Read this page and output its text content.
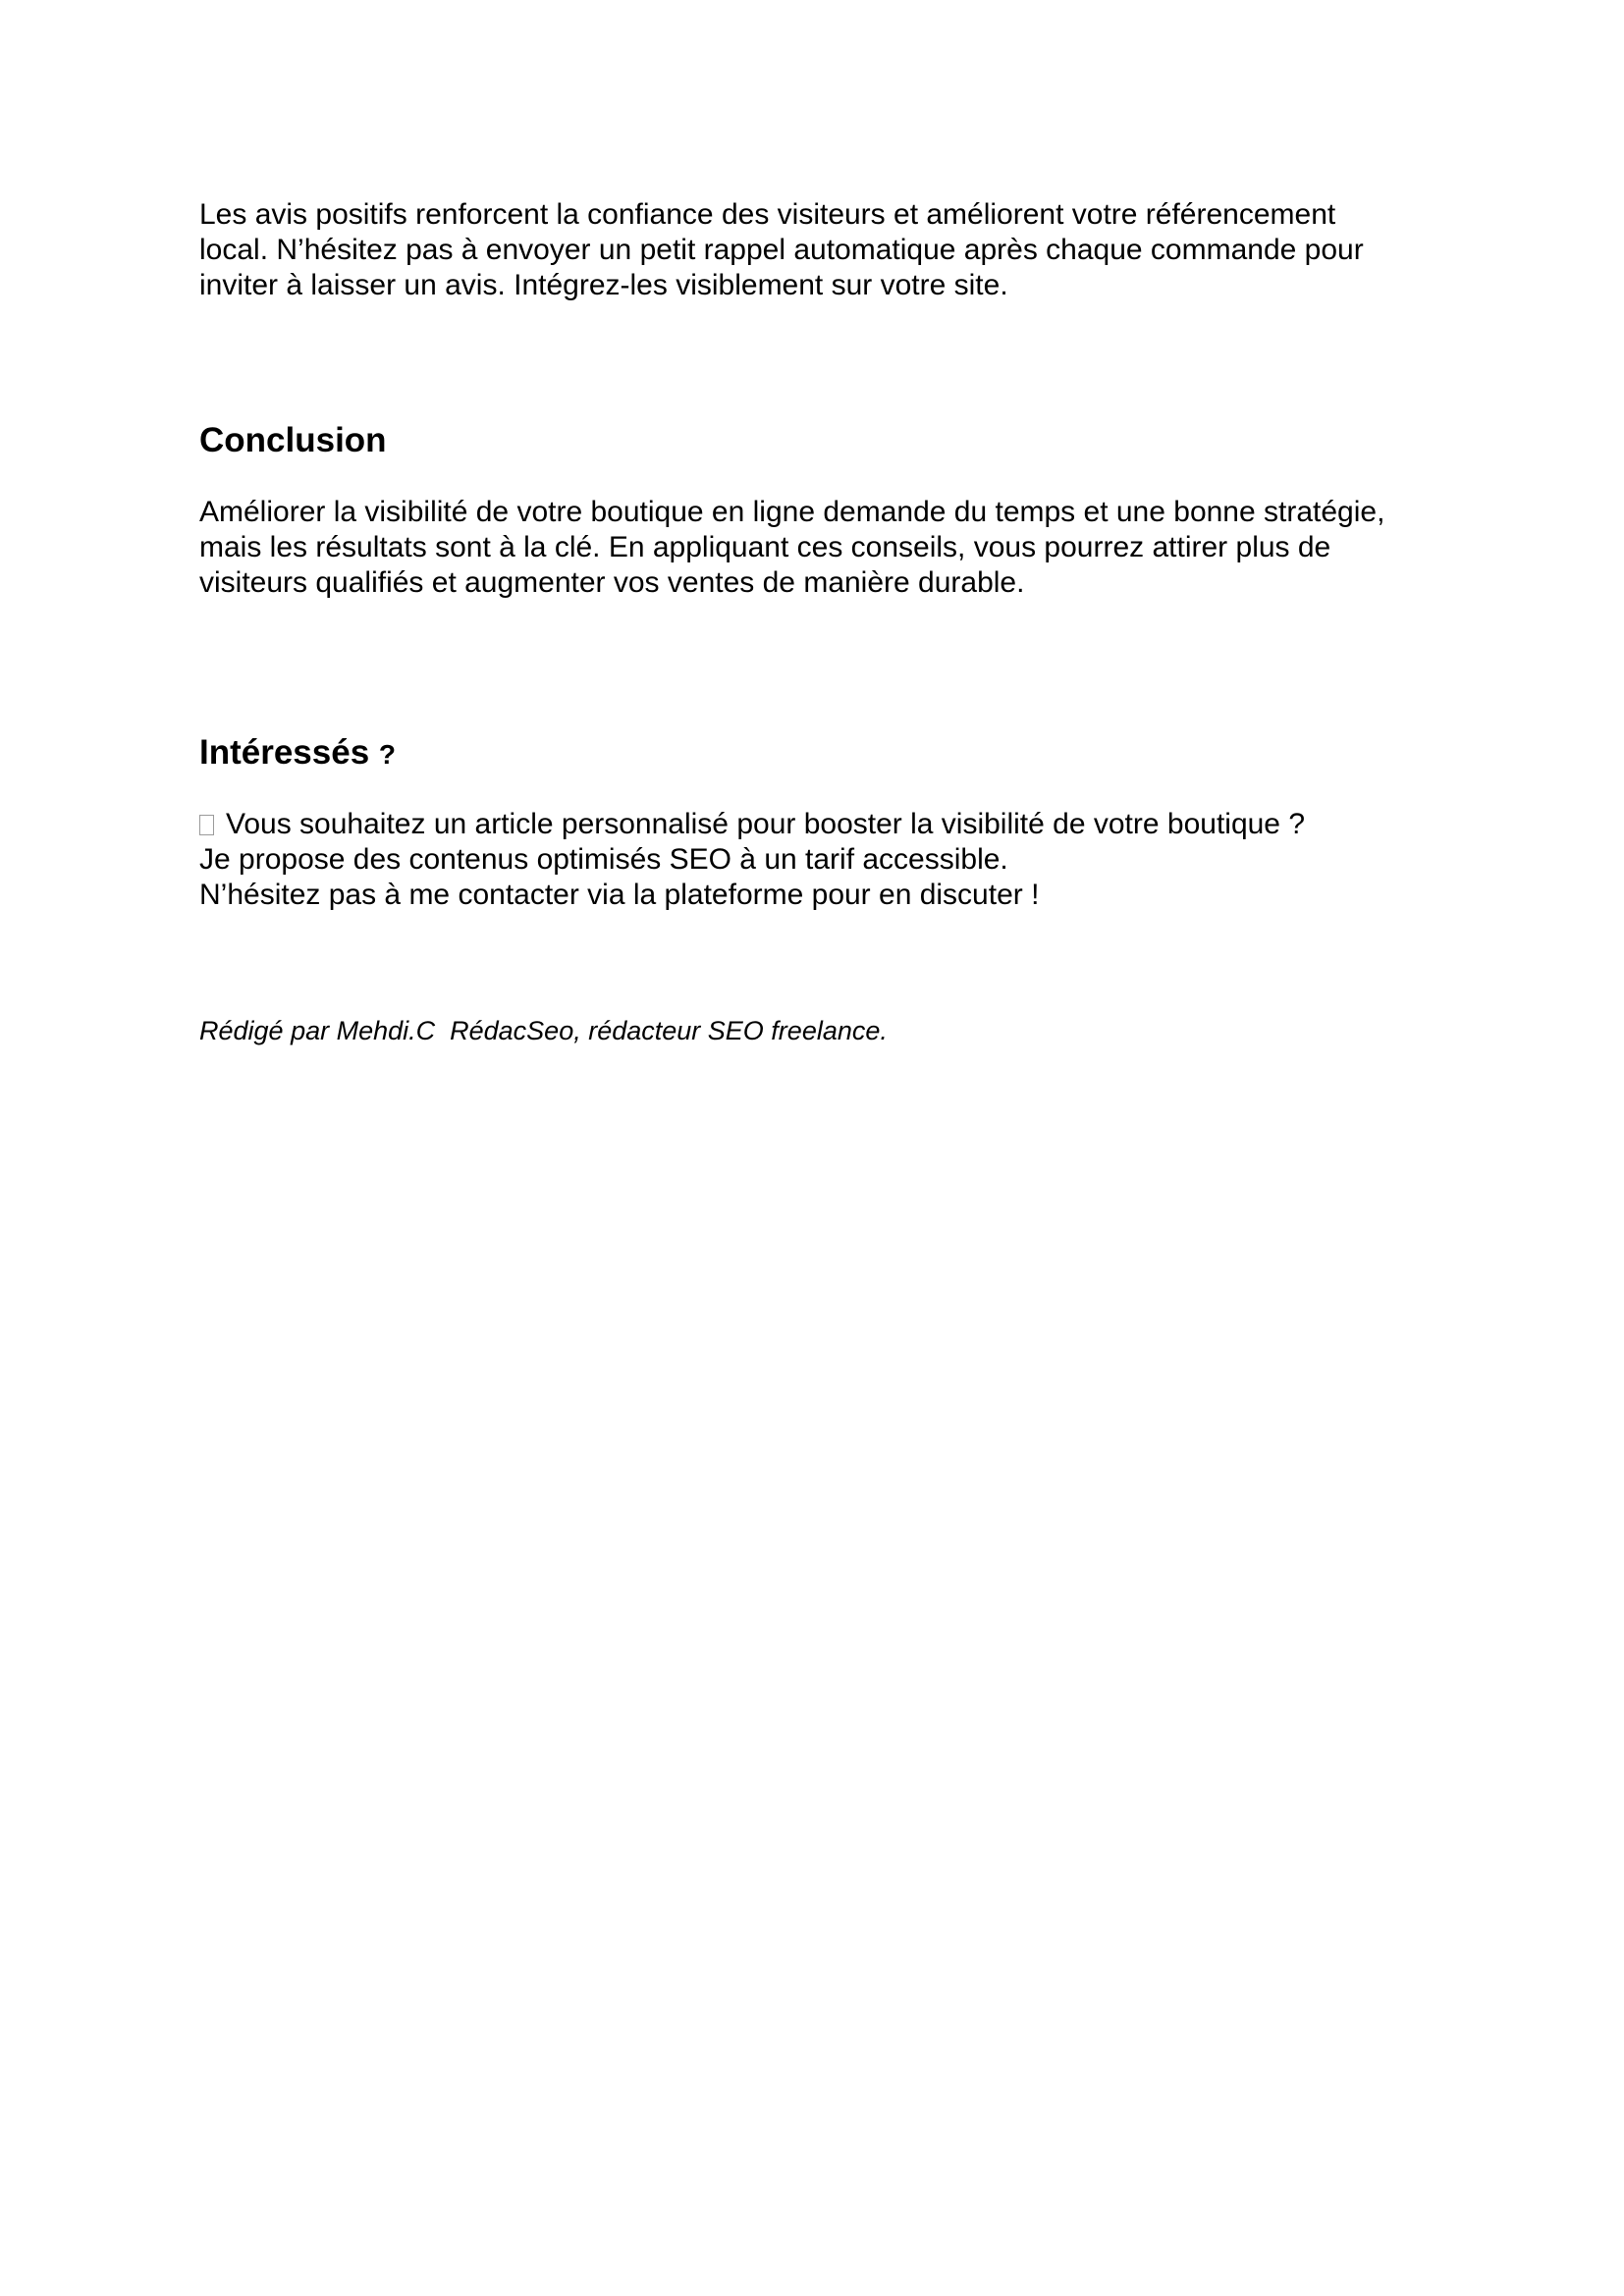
Les avis positifs renforcent la confiance des visiteurs et améliorent votre référencement
local. N’hésitez pas à envoyer un petit rappel automatique après chaque commande pour
inviter à laisser un avis. Intégrez-les visiblement sur votre site.

Conclusion

Améliorer la visibilité de votre boutique en ligne demande du temps et une bonne stratégie,
mais les résultats sont à la clé. En appliquant ces conseils, vous pourrez attirer plus de
visiteurs qualifiés et augmenter vos ventes de manière durable.

Intéressés ?

Vous souhaitez un article personnalisé pour booster la visibilité de votre boutique ?
Je propose des contenus optimisés SEO à un tarif accessible.
N’hésitez pas à me contacter via la plateforme pour en discuter !

Rédigé par Mehdi.C  RédacSeo, rédacteur SEO freelance.
